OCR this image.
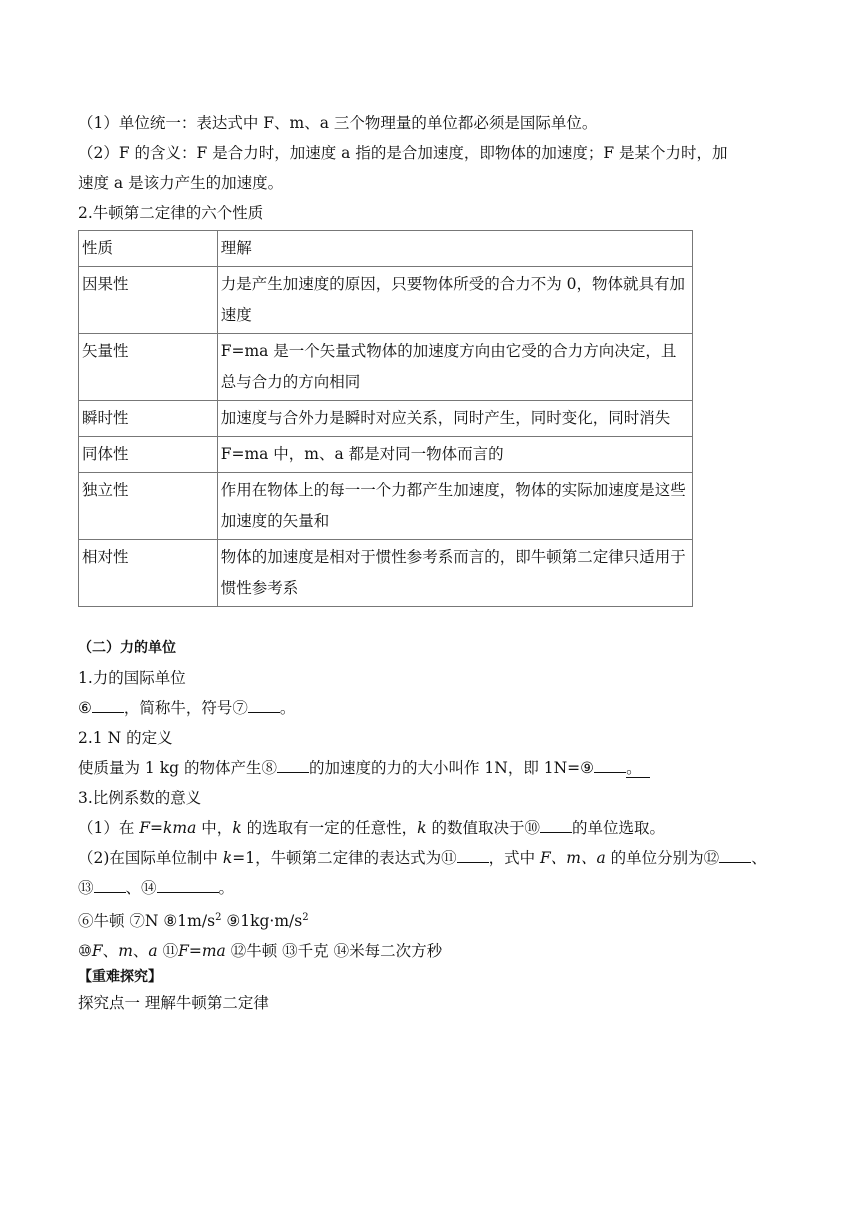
（1）单位统一：表达式中 F、m、a 三个物理量的单位都必须是国际单位。
（2）F 的含义：F 是合力时，加速度 a 指的是合加速度，即物体的加速度；F 是某个力时，加
速度 a 是该力产生的加速度。
2.牛顿第二定律的六个性质
性质	理解
因果性	力是产生加速度的原因，只要物体所受的合力不为 0，物体就具有加速度
矢量性	F=ma 是一个矢量式物体的加速度方向由它受的合力方向决定，且总与合力的方向相同
瞬时性	加速度与合外力是瞬时对应关系，同时产生，同时变化，同时消失
同体性	F=ma 中，m、a 都是对同一物体而言的
独立性	作用在物体上的每一一个力都产生加速度，物体的实际加速度是这些加速度的矢量和
相对性	物体的加速度是相对于惯性参考系而言的，即牛顿第二定律只适用于惯性参考系
（二）力的单位
1.力的国际单位
⑥ ，简称牛，符号⑦ 。
2.1 N 的定义
使质量为 1 kg 的物体产生⑧ 的加速度的力的大小叫作 1N，即 1N=⑨ 。
3.比例系数的意义
（1）在 F=kma 中，k 的选取有一定的任意性，k 的数值取决于⑩ 的单位选取。
（2)在国际单位制中 k=1，牛顿第二定律的表达式为⑪ ，式中 F、m、a 的单位分别为⑫ 、
⑬ 、⑭	。
⑥牛顿 ⑦N $⑧1m/s^2$ $⑨1kg\cdot m/s^2$
⑩F、m、a ⑪F=ma ⑫牛顿 ⑬千克 ⑭米每二次方秒
【重难探究】
探究点一 理解牛顿第二定律
